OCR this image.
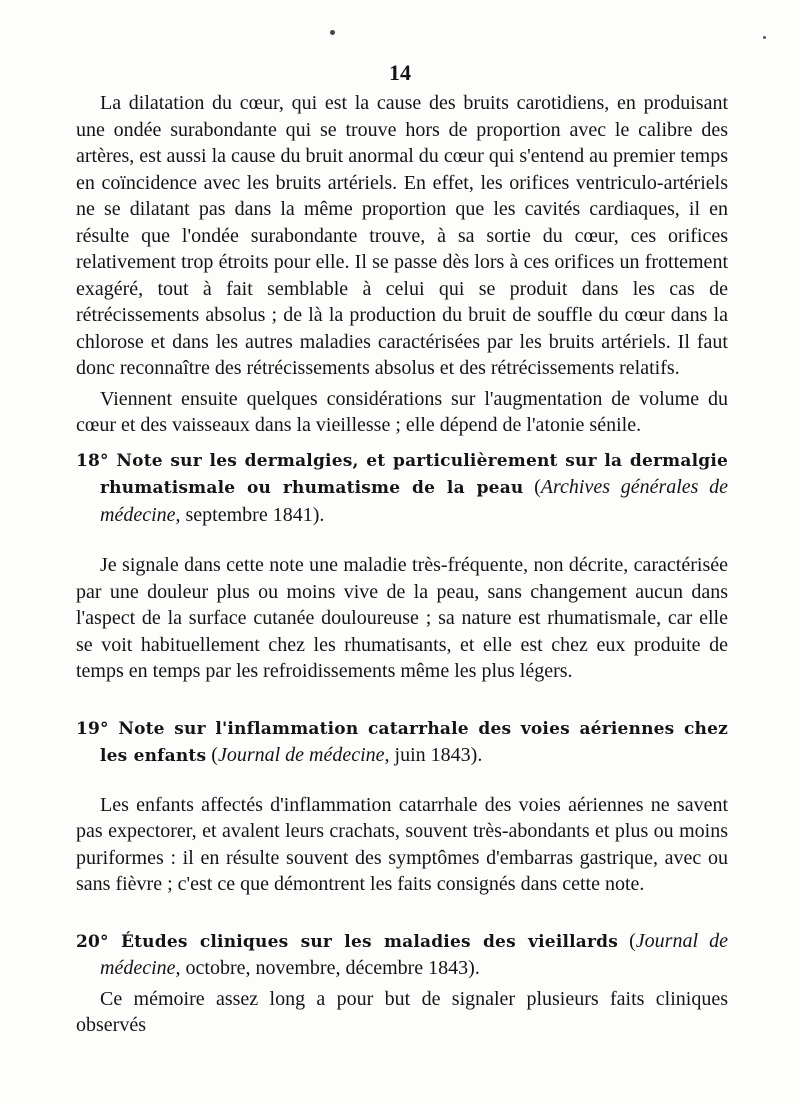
14

La dilatation du cœur, qui est la cause des bruits carotidiens, en produisant une ondée surabondante qui se trouve hors de proportion avec le calibre des artères, est aussi la cause du bruit anormal du cœur qui s'entend au premier temps en coïncidence avec les bruits artériels. En effet, les orifices ventriculo-artériels ne se dilatant pas dans la même proportion que les cavités cardiaques, il en résulte que l'ondée surabondante trouve, à sa sortie du cœur, ces orifices relativement trop étroits pour elle. Il se passe dès lors à ces orifices un frottement exagéré, tout à fait semblable à celui qui se produit dans les cas de rétrécissements absolus ; de là la production du bruit de souffle du cœur dans la chlorose et dans les autres maladies caractérisées par les bruits artériels. Il faut donc reconnaître des rétrécissements absolus et des rétrécissements relatifs.

Viennent ensuite quelques considérations sur l'augmentation de volume du cœur et des vaisseaux dans la vieillesse ; elle dépend de l'atonie sénile.

18° Note sur les dermalgies, et particulièrement sur la dermalgie rhumatismale ou rhumatisme de la peau (Archives générales de médecine, septembre 1841).

Je signale dans cette note une maladie très-fréquente, non décrite, caractérisée par une douleur plus ou moins vive de la peau, sans changement aucun dans l'aspect de la surface cutanée douloureuse ; sa nature est rhumatismale, car elle se voit habituellement chez les rhumatisants, et elle est chez eux produite de temps en temps par les refroidissements même les plus légers.

19° Note sur l'inflammation catarrhale des voies aériennes chez les enfants (Journal de médecine, juin 1843).

Les enfants affectés d'inflammation catarrhale des voies aériennes ne savent pas expectorer, et avalent leurs crachats, souvent très-abondants et plus ou moins puriformes : il en résulte souvent des symptômes d'embarras gastrique, avec ou sans fièvre ; c'est ce que démontrent les faits consignés dans cette note.

20° Études cliniques sur les maladies des vieillards (Journal de médecine, octobre, novembre, décembre 1843).

Ce mémoire assez long a pour but de signaler plusieurs faits cliniques observés
